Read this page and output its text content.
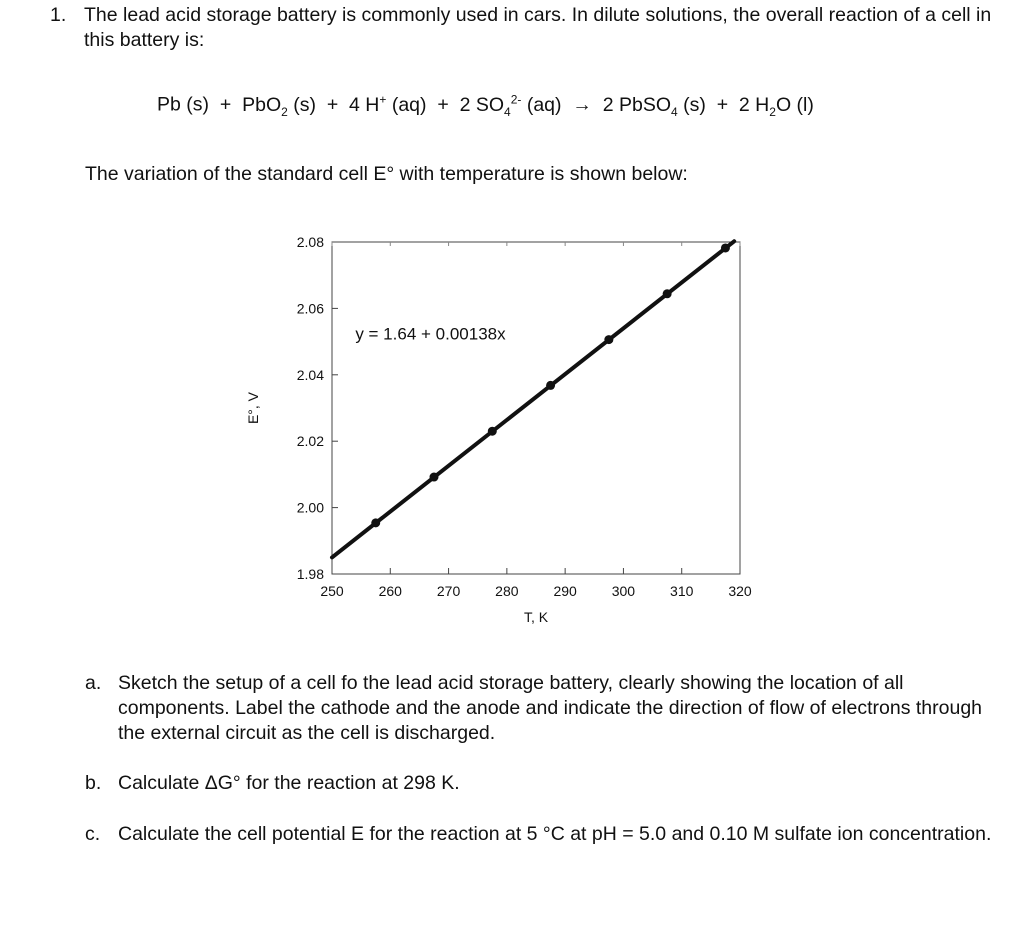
1. The lead acid storage battery is commonly used in cars. In dilute solutions, the overall reaction of a cell in this battery is:
Pb (s) + PbO$_2$ (s) + 4 H+ (aq) + 2 $SO_4^{2-}$ (aq) → 2 PbSO$_4$ (s) + 2 $H_2O$ (l)
The variation of the standard cell E° with temperature is shown below:
2.08
2.06
2.04
2.02
2.00
1.98
250 260 270 280 290 300 310 320
T, K
E°, V
y = 1.64 + 0.00138x
a. Sketch the setup of a cell fo the lead acid storage battery, clearly showing the location of all components. Label the cathode and the anode and indicate the direction of flow of electrons through the external circuit as the cell is discharged.
b. Calculate ΔG° for the reaction at 298 K.
c. Calculate the cell potential E for the reaction at 5 °C at pH = 5.0 and 0.10 M sulfate ion concentration.
